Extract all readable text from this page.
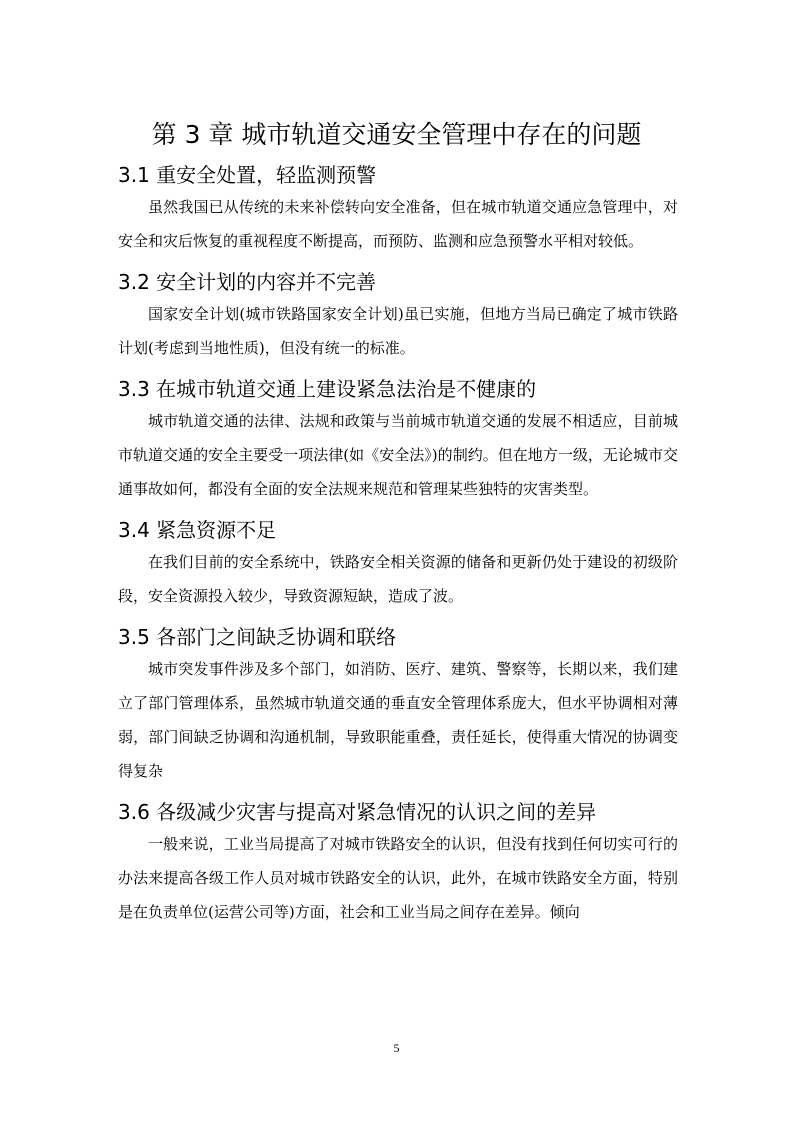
第 3 章 城市轨道交通安全管理中存在的问题
3.1 重安全处置，轻监测预警

虽然我国已从传统的未来补偿转向安全准备，但在城市轨道交通应急管理中，对安全和灾后恢复的重视程度不断提高，而预防、监测和应急预警水平相对较低。

3.2 安全计划的内容并不完善

国家安全计划(城市铁路国家安全计划)虽已实施，但地方当局已确定了城市铁路计划(考虑到当地性质)，但没有统一的标准。

3.3 在城市轨道交通上建设紧急法治是不健康的

城市轨道交通的法律、法规和政策与当前城市轨道交通的发展不相适应，目前城市轨道交通的安全主要受一项法律(如《安全法》)的制约。但在地方一级，无论城市交通事故如何，都没有全面的安全法规来规范和管理某些独特的灾害类型。

3.4 紧急资源不足

在我们目前的安全系统中，铁路安全相关资源的储备和更新仍处于建设的初级阶段，安全资源投入较少，导致资源短缺，造成了波。

3.5 各部门之间缺乏协调和联络

城市突发事件涉及多个部门，如消防、医疗、建筑、警察等，长期以来，我们建立了部门管理体系，虽然城市轨道交通的垂直安全管理体系庞大，但水平协调相对薄弱，部门间缺乏协调和沟通机制，导致职能重叠，责任延长，使得重大情况的协调变得复杂

3.6 各级减少灾害与提高对紧急情况的认识之间的差异

一般来说，工业当局提高了对城市铁路安全的认识，但没有找到任何切实可行的办法来提高各级工作人员对城市铁路安全的认识，此外，在城市铁路安全方面，特别是在负责单位(运营公司等)方面，社会和工业当局之间存在差异。倾向

5
